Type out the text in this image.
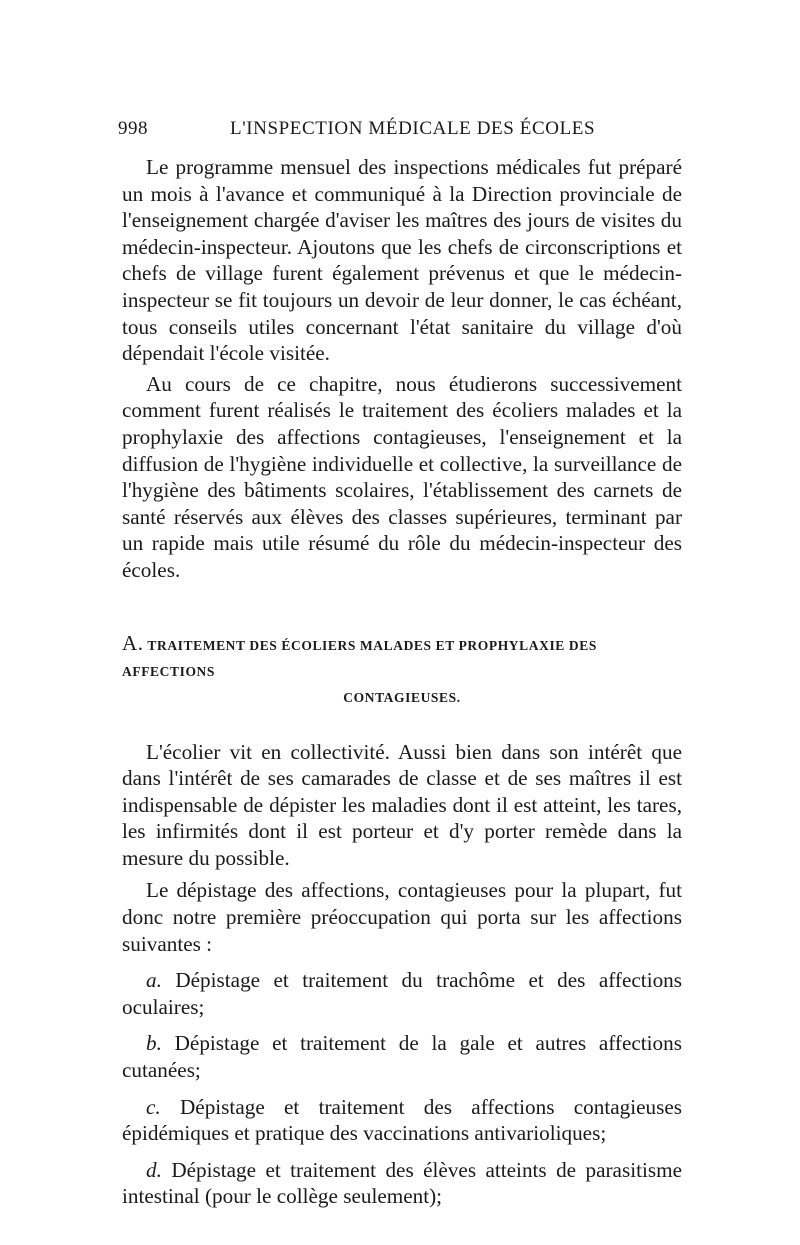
998	L'INSPECTION MÉDICALE DES ÉCOLES

Le programme mensuel des inspections médicales fut préparé un mois à l'avance et communiqué à la Direction provinciale de l'enseignement chargée d'aviser les maîtres des jours de visites du médecin-inspecteur. Ajoutons que les chefs de circonscriptions et chefs de village furent également prévenus et que le médecin-inspecteur se fit toujours un devoir de leur donner, le cas échéant, tous conseils utiles concernant l'état sanitaire du village d'où dépendait l'école visitée.

Au cours de ce chapitre, nous étudierons successivement comment furent réalisés le traitement des écoliers malades et la prophylaxie des affections contagieuses, l'enseignement et la diffusion de l'hygiène individuelle et collective, la surveillance de l'hygiène des bâtiments scolaires, l'établissement des carnets de santé réservés aux élèves des classes supérieures, terminant par un rapide mais utile résumé du rôle du médecin-inspecteur des écoles.

A. TRAITEMENT DES ÉCOLIERS MALADES ET PROPHYLAXIE DES AFFECTIONS
CONTAGIEUSES.

L'écolier vit en collectivité. Aussi bien dans son intérêt que dans l'intérêt de ses camarades de classe et de ses maîtres il est indispensable de dépister les maladies dont il est atteint, les tares, les infirmités dont il est porteur et d'y porter remède dans la mesure du possible.

Le dépistage des affections, contagieuses pour la plupart, fut donc notre première préoccupation qui porta sur les affections suivantes :

a. Dépistage et traitement du trachôme et des affections oculaires;

b. Dépistage et traitement de la gale et autres affections cutanées;

c. Dépistage et traitement des affections contagieuses épidémiques et pratique des vaccinations antivarioliques;

d. Dépistage et traitement des élèves atteints de parasitisme intestinal (pour le collège seulement);
